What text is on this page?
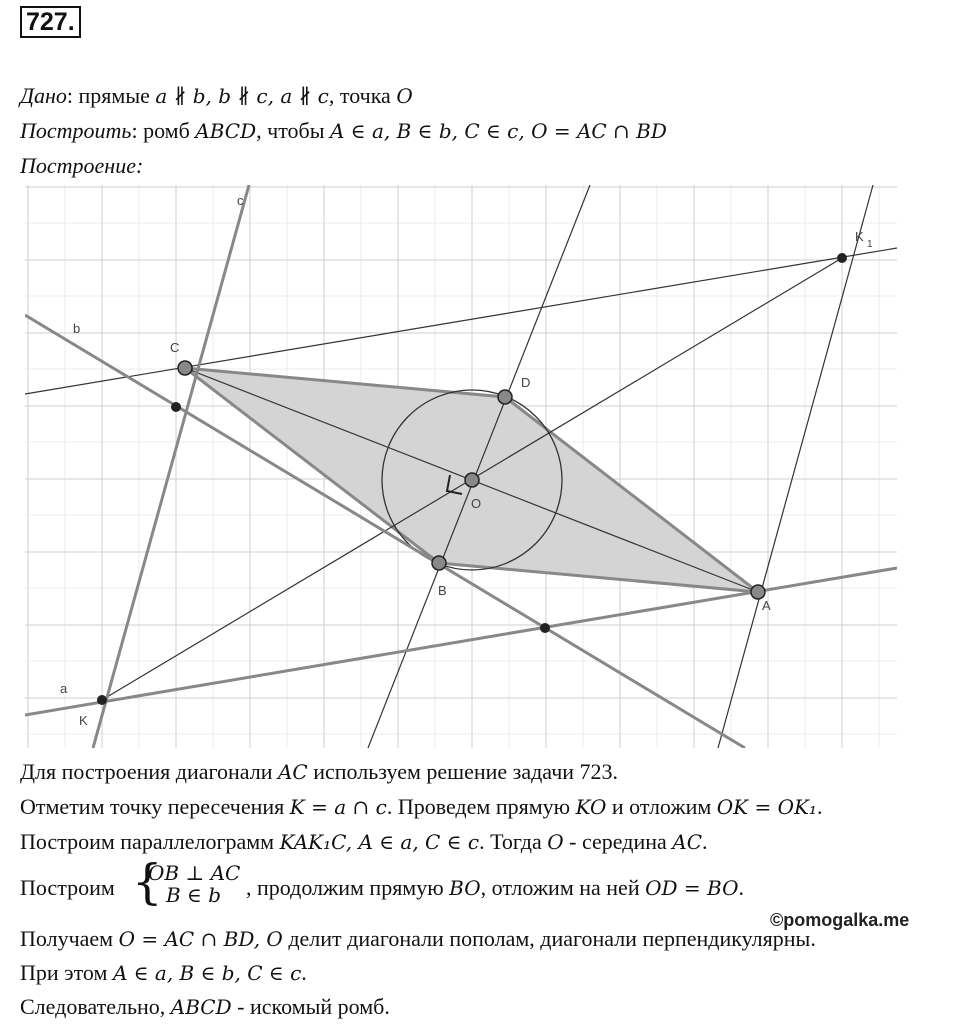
727.
Дано: прямые a ∦ b, b ∦ c, a ∦ c, точка O
Построить: ромб ABCD, чтобы A ∈ a, B ∈ b, C ∈ c, O = AC ∩ BD
Построение:
c
b
a
C
D
O
B
A
K
K
1
Для построения диагонали AC используем решение задачи 723.
Отметим точку пересечения K = a ∩ c. Проведем прямую KO и отложим OK = OK₁.
Построим параллелограмм KAK₁C, A ∈ a, C ∈ c. Тогда O - середина AC.
Построим {
OB ⊥ AC
B ∈ b	, продолжим прямую BO, отложим на ней OD = BO.
©pomogalka.me
Получаем O = AC ∩ BD, O делит диагонали пополам, диагонали перпендикулярны.
При этом A ∈ a, B ∈ b, C ∈ c.
Следовательно, ABCD - искомый ромб.
